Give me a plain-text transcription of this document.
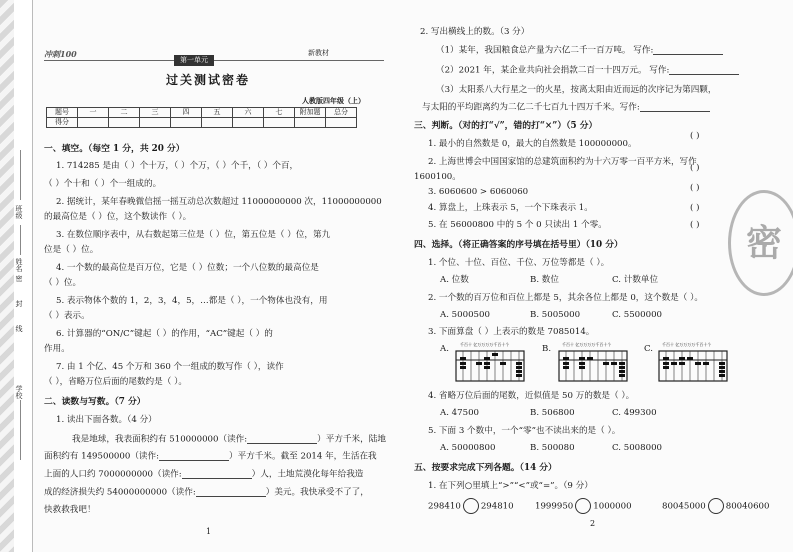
班级
密
封
线
姓名
学校
冲刺100
第一单元
新教材
过关测试密卷
人教版四年级（上）
题号	一	二	三	四	五	六	七	附加题	总分
得分									
一、填空。（每空 1 分，共 20 分）
1. 714285 是由（ ）个十万，（ ）个万，（ ）个千，（ ）个百，
（ ）个十和（ ）个一组成的。
2. 据统计，某年春晚微信摇一摇互动总次数超过 11000000000 次，11000000000
的最高位是（ ）位，这个数读作（ ）。
3. 在数位顺序表中，从右数起第三位是（ ）位，第五位是（ ）位，第九
位是（ ）位。
4. 一个数的最高位是百万位，它是（ ）位数；一个八位数的最高位是
（ ）位。
5. 表示物体个数的 1，2，3，4，5，…都是（ ），一个物体也没有，用
（ ）表示。
6. 计算器的“ON/C”键起（ ）的作用，“AC”键起（ ）的
作用。
7. 由 1 个亿、45 个万和 360 个一组成的数写作（ ），读作
（ ），省略万位后面的尾数约是（ ）。
二、读数与写数。（7 分）
1. 读出下面各数。（4 分）
我是地球，我表面积约有 510000000（读作:	）平方千米，陆地
面积约有 149500000（读作:	）平方千米。截至 2014 年，生活在我
上面的人口约 7000000000（读作:	）人，土地荒漠化每年给我造
成的经济损失约 54000000000（读作:	）美元。我快承受不了了，
快救救我吧！
1
2. 写出横线上的数。（3 分）
（1）某年，我国粮食总产量为六亿二千一百万吨。 写作:
（2）2021 年，某企业共向社会捐款二百一十四万元。 写作:
（3）太阳系八大行星之一的火星，按离太阳由近而远的次序记为第四颗，
与太阳的平均距离约为二亿二千七百九十四万千米。写作:
三、判断。（对的打“√”，错的打“×”）（5 分）
1. 最小的自然数是 0，最大的自然数是 100000000。
( )
2. 上海世博会中国国家馆的总建筑面积约为十六万零一百平方米，写作
1600100。
( )
3. 6060600 > 6060060	( )
4. 算盘上，上珠表示 5，一个下珠表示 1。	( )
5. 在 56000800 中的 5 个 0 只读出 1 个零。	( )
四、选择。（将正确答案的序号填在括号里）（10 分）
1. 个位、十位、百位、千位、万位等都是（ ）。
A. 位数	B. 数位	C. 计数单位
2. 一个数的百万位和百位上都是 5，其余各位上都是 0，这个数是（ ）。
A. 5000500	B. 5005000	C. 5500000
3. 下面算盘（ ）上表示的数是 7085014。
A.	B.	C.
千百十 亿万万万万千百十个	千百十 亿万万万万千百十个	千百十 亿万万万万千百十个
4. 省略万位后面的尾数，近似值是 50 万的数是（ ）。
A. 47500	B. 506800	C. 499300
5. 下面 3 个数中，一个“零”也不读出来的是（ ）。
A. 50000800	B. 500080	C. 5008000
五、按要求完成下列各题。（14 分）
1. 在下列○里填上“>”“<”或“=”。（9 分）
298410 294810 1999950 1000000	80045000 80040600
2
密
